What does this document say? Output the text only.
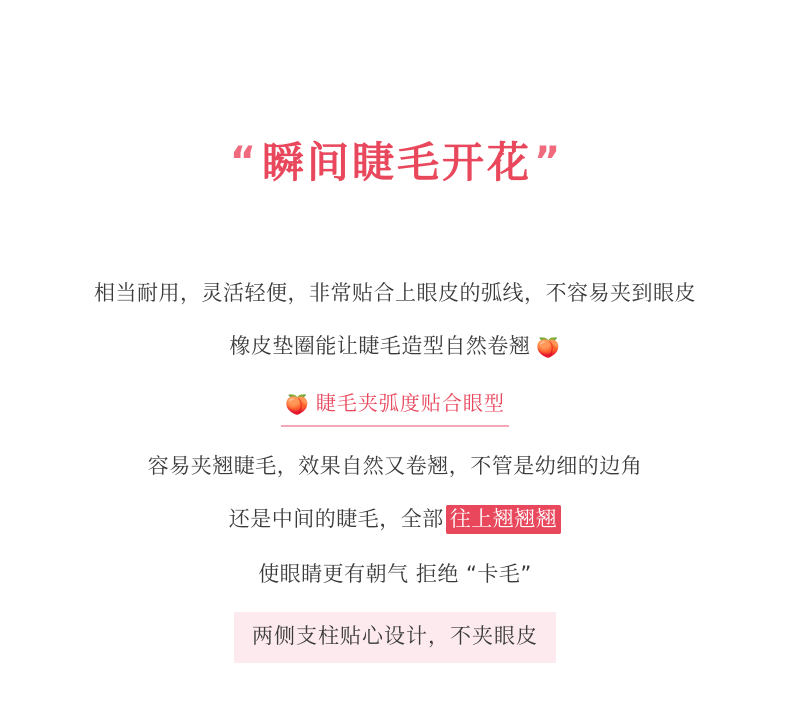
“ 瞬间睫毛开花”
相当耐用，灵活轻便，非常贴合上眼皮的弧线，不容易夹到眼皮
橡皮垫圈能让睫毛造型自然卷翘 🍑
🍑 睫毛夹弧度贴合眼型
容易夹翘睫毛，效果自然又卷翘，不管是幼细的边角
还是中间的睫毛，全部 往上翘翘翘
使眼睛更有朝气 拒绝 “卡毛”
两侧支柱贴心设计，不夹眼皮
